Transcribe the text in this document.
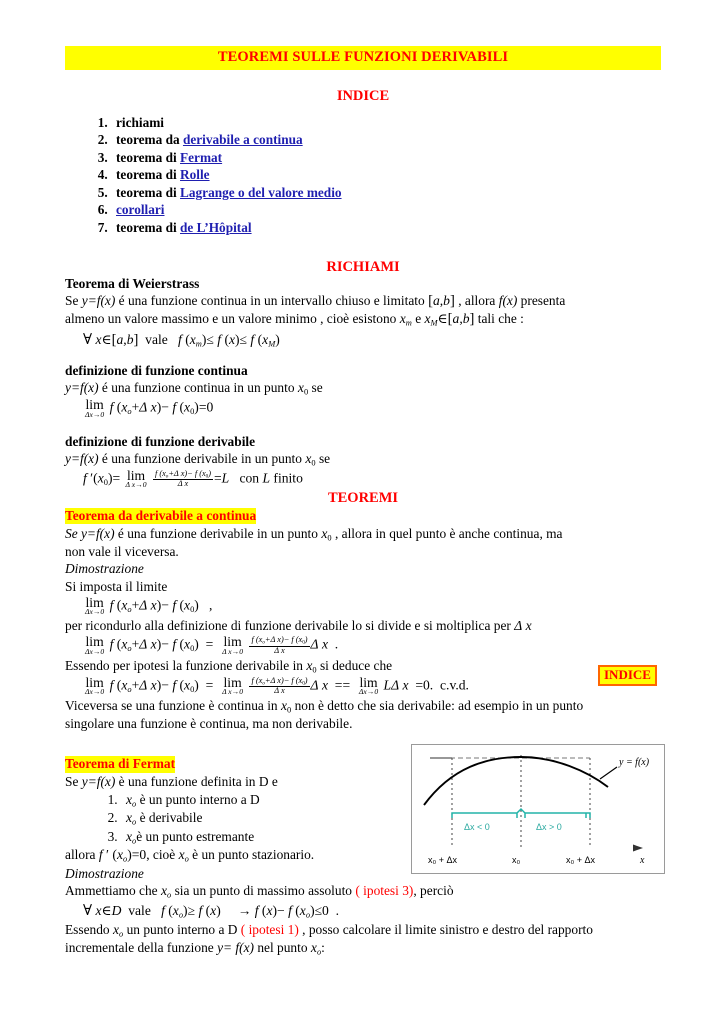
TEOREMI SULLE FUNZIONI DERIVABILI
INDICE
1. richiami
2. teorema da derivabile a continua
3. teorema di Fermat
4. teorema di Rolle
5. teorema di Lagrange o del valore medio
6. corollari
7. teorema di de L’Hôpital
RICHIAMI
Teorema di Weierstrass
Se y=f(x) é una funzione continua in un intervallo chiuso e limitato [a,b] , allora f(x) presenta
almeno un valore massimo e un valore minimo , cioè esistono $x_m$ e $x_M\in[a,b]$ tali che :
∀ x∈[a,b]  vale   f $(x_m)\le f$ (x)≤ f $(x_M)$
definizione di funzione continua
y=f(x) é una funzione continua in un punto $x_0$ se
lim
Δx→0 f ($x_o+\Delta$ x)− f $(x_0)=0$
definizione di funzione derivabile
y=f(x) é una funzione derivabile in un punto $x_0$ se
f $'(x_0)= \lim$
Δ x→0
$\frac{f (x_o+\Delta x)- f (x_0)}{\text{Δ x}} =L$ con L finito
TEOREMI
Teorema da derivabile a continua
Se y=f(x) é una funzione derivabile in un punto $x_0$ , allora in quel punto è anche continua, ma
non vale il viceversa.
Dimostrazione
Si imposta il limite
lim
Δx→0 f ($x_o+\Delta$ x)− f $(x_0)$   ,
per ricondurlo alla definizione di funzione derivabile lo si divide e si moltiplica per Δ x
lim
Δx→0 f ($x_o+\Delta$ x)− f $(x_0) = \lim$
Δ x→0
$\frac{f (x_o+\Delta x)- f (x_0)}{\text{Δ x}}$ Δ x .
Essendo per ipotesi la funzione derivabile in $x_0$ si deduce che
lim
Δx→0 f ($x_o+\Delta$ x)− f $(x_0) = \lim$
Δ x→0
$\frac{f (x_o+\Delta x)- f (x_0)}{\text{Δ x}}$ Δ x  == lim
Δx→0 LΔ x =0. c.v.d.
Viceversa se una funzione è continua in $x_0$ non è detto che sia derivabile: ad esempio in un punto
singolare una funzione è continua, ma non derivabile.
Teorema di Fermat
Se y=f(x) è una funzione definita in D e
1. $x_o$ è un punto interno a D
2. $x_o$ è derivabile
3. $x_oè$ un punto estremante
allora f ′ $(x_o)=0$, cioè $x_o$ è un punto stazionario.
Dimostrazione
Ammettiamo che $x_o$ sia un punto di massimo assoluto ( ipotesi 3), perciò
∀ x∈D  vale   f $(x_o)\ge f$ (x)     → f (x)− f $(x_o)\le 0$  .
Essendo $x_o$ un punto interno a D ( ipotesi 1) , posso calcolare il limite sinistro e destro del rapporto
incrementale della funzione y= f(x) nel punto $x_o$:
INDICE
y = f(x)
Δx < 0	Δx > 0
x
x₀ + Δx	x₀	x₀ + Δx
